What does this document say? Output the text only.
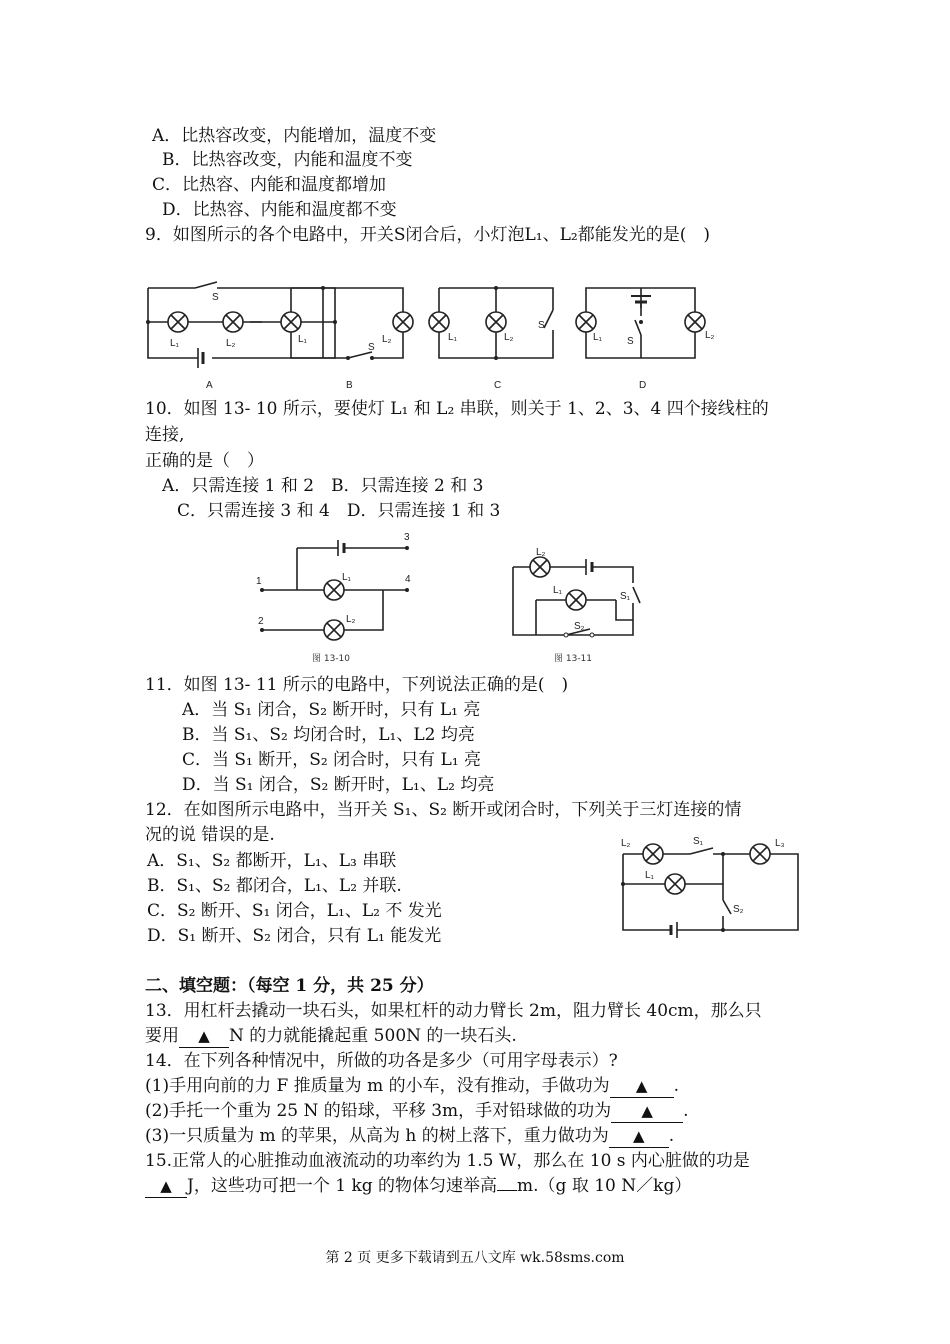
A．比热容改变，内能增加，温度不变
B．比热容改变，内能和温度不变
C．比热容、内能和温度都增加
D．比热容、内能和温度都不变
9．如图所示的各个电路中，开关S闭合后，小灯泡L₁、L₂都能发光的是(　)
S
L₁	L₂
A
L₁	L₂
S
B
L₁	L₂
S
C
L₁	L₂
S
D
10．如图 13- 10 所示，要使灯 L₁ 和 L₂ 串联，则关于 1、2、3、4 四个接线柱的
连接,
正确的是（　）
A．只需连接 1 和 2　B．只需连接 2 和 3
C．只需连接 3 和 4　D．只需连接 1 和 3
3
1	4
2
L₁
L₂
图 13-10
L₂
L₁
S₁
S₂
图 13-11
11．如图 13- 11 所示的电路中，下列说法正确的是(　)
A．当 S₁ 闭合，S₂ 断开时，只有 L₁ 亮
B．当 S₁、S₂ 均闭合时，L₁、L2 均亮
C．当 S₁ 断开，S₂ 闭合时，只有 L₁ 亮
D．当 S₁ 闭合，S₂ 断开时，L₁、L₂ 均亮
12．在如图所示电路中，当开关 S₁、S₂ 断开或闭合时，下列关于三灯连接的情
况的说 错误的是.
A．S₁、S₂ 都断开，L₁、L₃ 串联
B．S₁、S₂ 都闭合，L₁、L₂ 并联.
C．S₂ 断开、S₁ 闭合，L₁、L₂ 不 发光
D．S₁ 断开、S₂ 闭合，只有 L₁ 能发光
L₂	S₁	L₃
L₁
S₂
二、填空题：（每空 1 分，共 25 分）
13．用杠杆去撬动一块石头，如果杠杆的动力臂长 2m，阻力臂长 40cm，那么只
要用 ▲ N 的力就能撬起重 500N 的一块石头.
14．在下列各种情况中，所做的功各是多少（可用字母表示）?
(1)手用向前的力 F 推质量为 m 的小车，没有推动，手做功为 ▲ .
(2)手托一个重为 25 N 的铅球，平移 3m，手对铅球做的功为 ▲ .
(3)一只质量为 m 的苹果，从高为 h 的树上落下，重力做功为 ▲ .
15.正常人的心脏推动血液流动的功率约为 1.5 W，那么在 10 s 内心脏做的功是
▲ J，这些功可把一个 1 kg 的物体匀速举高 m.（g 取 10 N／kg）
第 2 页 更多下载请到五八文库 wk.58sms.com
